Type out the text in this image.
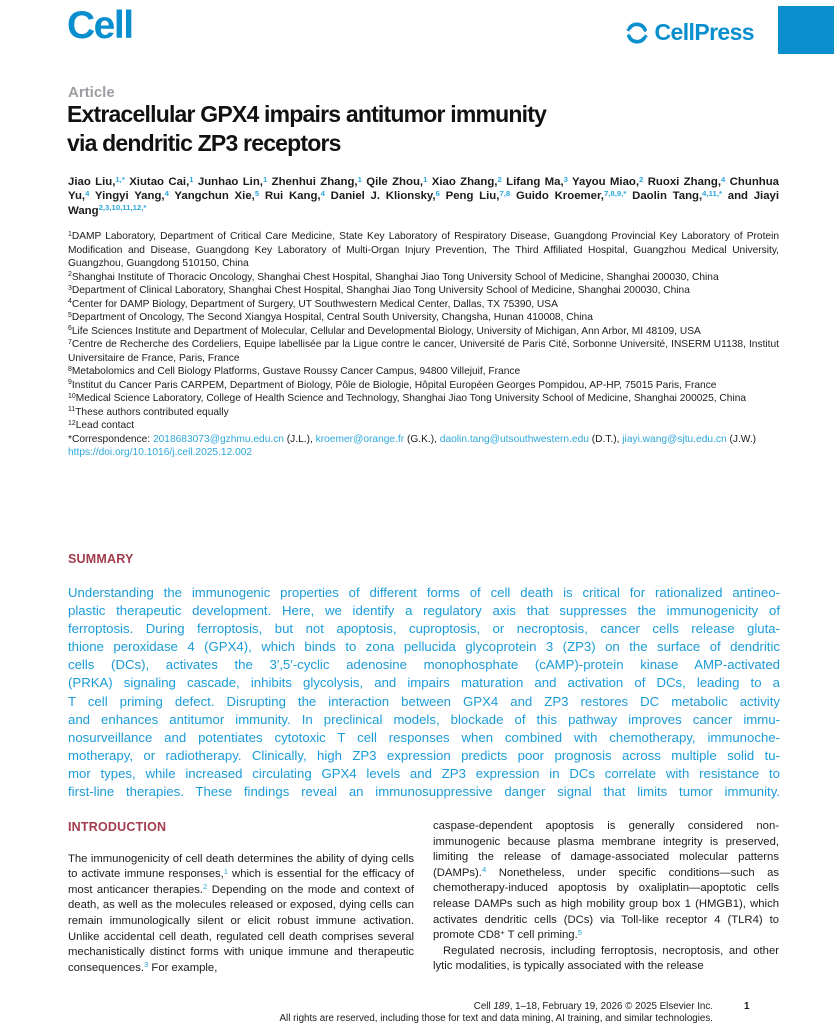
Cell	CellPress
Article
Extracellular GPX4 impairs antitumor immunity
via dendritic ZP3 receptors
Jiao Liu,$^{1,*}$ Xiutao Cai,$^1$ Junhao Lin,$^1$ Zhenhui Zhang,$^1$ Qile Zhou,$^1$ Xiao Zhang,$^2$ Lifang Ma,$^3$ Yayou Miao,$^2$ Ruoxi Zhang,$^4$ Chunhua Yu,$^4$ Yingyi Yang,$^4$ Yangchun Xie,$^5$ Rui Kang,$^4$ Daniel J. Klionsky,$^6$ Peng Liu,$^{7,8}$ Guido Kroemer,$^{7,8,9,*}$ Daolin Tang,$^{4,11,*}$ and Jiayi Wang$^{2,3,10,11,12,*}$
$^1$DAMP Laboratory, Department of Critical Care Medicine, State Key Laboratory of Respiratory Disease, Guangdong Provincial Key Laboratory of Protein Modification and Disease, Guangdong Key Laboratory of Multi-Organ Injury Prevention, The Third Affiliated Hospital, Guangzhou Medical University, Guangzhou, Guangdong 510150, China
$^2$Shanghai Institute of Thoracic Oncology, Shanghai Chest Hospital, Shanghai Jiao Tong University School of Medicine, Shanghai 200030, China
$^3$Department of Clinical Laboratory, Shanghai Chest Hospital, Shanghai Jiao Tong University School of Medicine, Shanghai 200030, China
$^4$Center for DAMP Biology, Department of Surgery, UT Southwestern Medical Center, Dallas, TX 75390, USA
$^5$Department of Oncology, The Second Xiangya Hospital, Central South University, Changsha, Hunan 410008, China
$^6$Life Sciences Institute and Department of Molecular, Cellular and Developmental Biology, University of Michigan, Ann Arbor, MI 48109, USA
$^7$Centre de Recherche des Cordeliers, Equipe labellisée par la Ligue contre le cancer, Université de Paris Cité, Sorbonne Université, INSERM U1138, Institut Universitaire de France, Paris, France
$^8$Metabolomics and Cell Biology Platforms, Gustave Roussy Cancer Campus, 94800 Villejuif, France
$^9$Institut du Cancer Paris CARPEM, Department of Biology, Pôle de Biologie, Hôpital Européen Georges Pompidou, AP-HP, 75015 Paris, France
$^{10}$Medical Science Laboratory, College of Health Science and Technology, Shanghai Jiao Tong University School of Medicine, Shanghai 200025, China
$^{11}$These authors contributed equally
$^{12}$Lead contact
*Correspondence: 2018683073@gzhmu.edu.cn (J.L.), kroemer@orange.fr (G.K.), daolin.tang@utsouthwestern.edu (D.T.), jiayi.wang@sjtu.edu.cn (J.W.)
https://doi.org/10.1016/j.cell.2025.12.002
SUMMARY
Understanding the immunogenic properties of different forms of cell death is critical for rationalized antineo-
plastic therapeutic development. Here, we identify a regulatory axis that suppresses the immunogenicity of
ferroptosis. During ferroptosis, but not apoptosis, cuproptosis, or necroptosis, cancer cells release gluta-
thione peroxidase 4 (GPX4), which binds to zona pellucida glycoprotein 3 (ZP3) on the surface of dendritic
cells (DCs), activates the 3′,5′-cyclic adenosine monophosphate (cAMP)-protein kinase AMP-activated
(PRKA) signaling cascade, inhibits glycolysis, and impairs maturation and activation of DCs, leading to a
T cell priming defect. Disrupting the interaction between GPX4 and ZP3 restores DC metabolic activity
and enhances antitumor immunity. In preclinical models, blockade of this pathway improves cancer immu-
nosurveillance and potentiates cytotoxic T cell responses when combined with chemotherapy, immunoche-
motherapy, or radiotherapy. Clinically, high ZP3 expression predicts poor prognosis across multiple solid tu-
mor types, while increased circulating GPX4 levels and ZP3 expression in DCs correlate with resistance to
first-line therapies. These findings reveal an immunosuppressive danger signal that limits tumor immunity.
INTRODUCTION

The immunogenicity of cell death determines the ability of dying cells to activate immune responses,$^1$ which is essential for the efficacy of most anticancer therapies.$^2$ Depending on the mode and context of death, as well as the molecules released or exposed, dying cells can remain immunologically silent or elicit robust immune activation. Unlike accidental cell death, regulated cell death comprises several mechanistically distinct forms with unique immune and therapeutic consequences.$^3$ For example,

caspase-dependent apoptosis is generally considered non-immunogenic because plasma membrane integrity is preserved, limiting the release of damage-associated molecular patterns (DAMPs).$^4$ Nonetheless, under specific conditions—such as chemotherapy-induced apoptosis by oxaliplatin—apoptotic cells release DAMPs such as high mobility group box 1 (HMGB1), which activates dendritic cells (DCs) via Toll-like receptor 4 (TLR4) to promote CD8+ T cell priming.$^5$

Regulated necrosis, including ferroptosis, necroptosis, and other lytic modalities, is typically associated with the release

Cell 189, 1–18, February 19, 2026 © 2025 Elsevier Inc.
All rights are reserved, including those for text and data mining, AI training, and similar technologies.
1
